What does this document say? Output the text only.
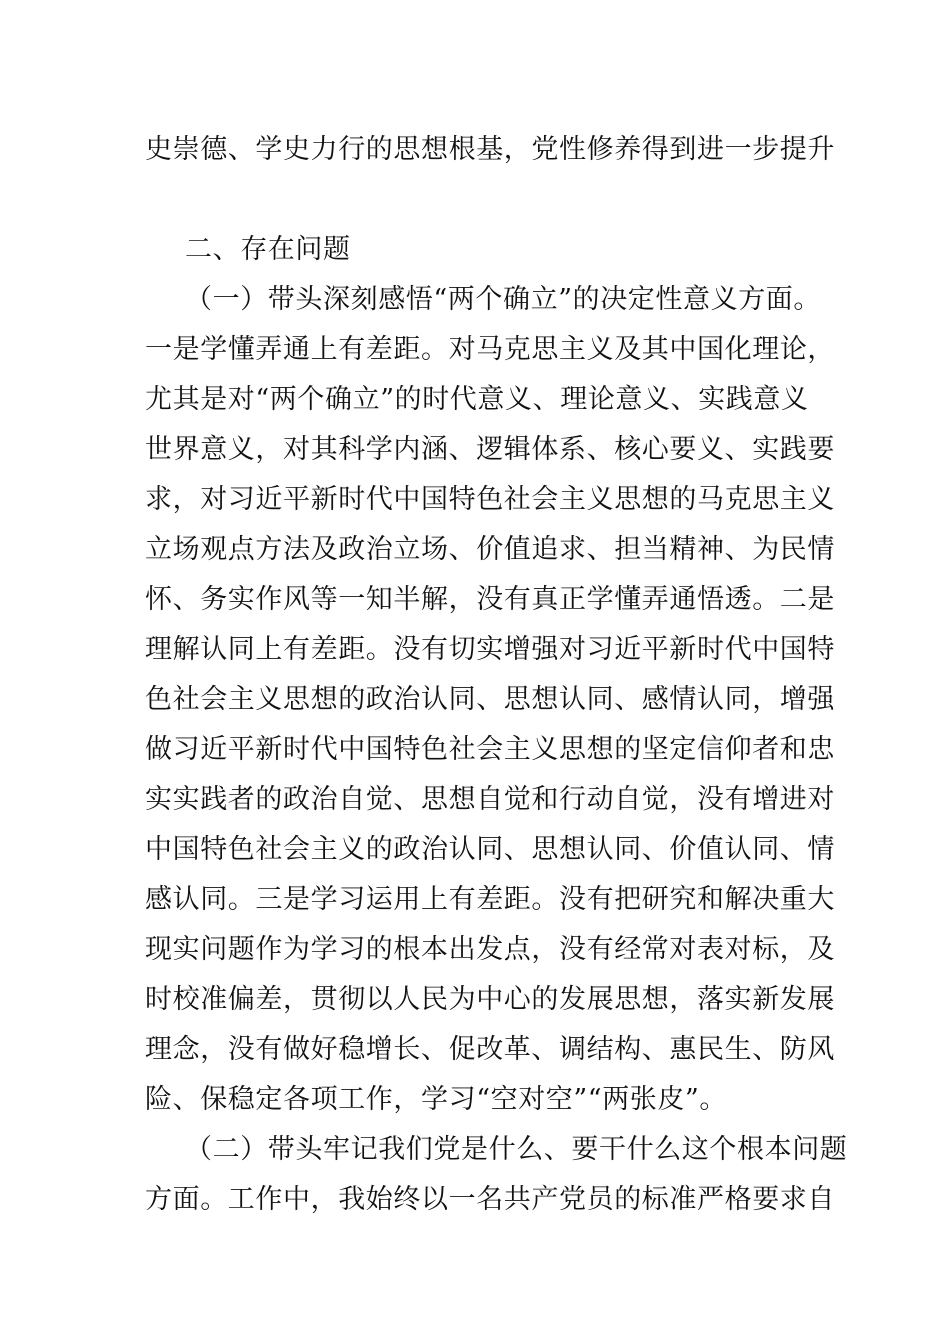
史崇德、学史力行的思想根基，党性修养得到进一步提升
二、存在问题
（一）带头深刻感悟“两个确立”的决定性意义方面。
一是学懂弄通上有差距。对马克思主义及其中国化理论，
尤其是对“两个确立”的时代意义、理论意义、实践意义
世界意义，对其科学内涵、逻辑体系、核心要义、实践要
求，对习近平新时代中国特色社会主义思想的马克思主义
立场观点方法及政治立场、价值追求、担当精神、为民情
怀、务实作风等一知半解，没有真正学懂弄通悟透。二是
理解认同上有差距。没有切实增强对习近平新时代中国特
色社会主义思想的政治认同、思想认同、感情认同，增强
做习近平新时代中国特色社会主义思想的坚定信仰者和忠
实实践者的政治自觉、思想自觉和行动自觉，没有增进对
中国特色社会主义的政治认同、思想认同、价值认同、情
感认同。三是学习运用上有差距。没有把研究和解决重大
现实问题作为学习的根本出发点，没有经常对表对标，及
时校准偏差，贯彻以人民为中心的发展思想，落实新发展
理念，没有做好稳增长、促改革、调结构、惠民生、防风
险、保稳定各项工作，学习“空对空”“两张皮”。
（二）带头牢记我们党是什么、要干什么这个根本问题
方面。工作中，我始终以一名共产党员的标准严格要求自
